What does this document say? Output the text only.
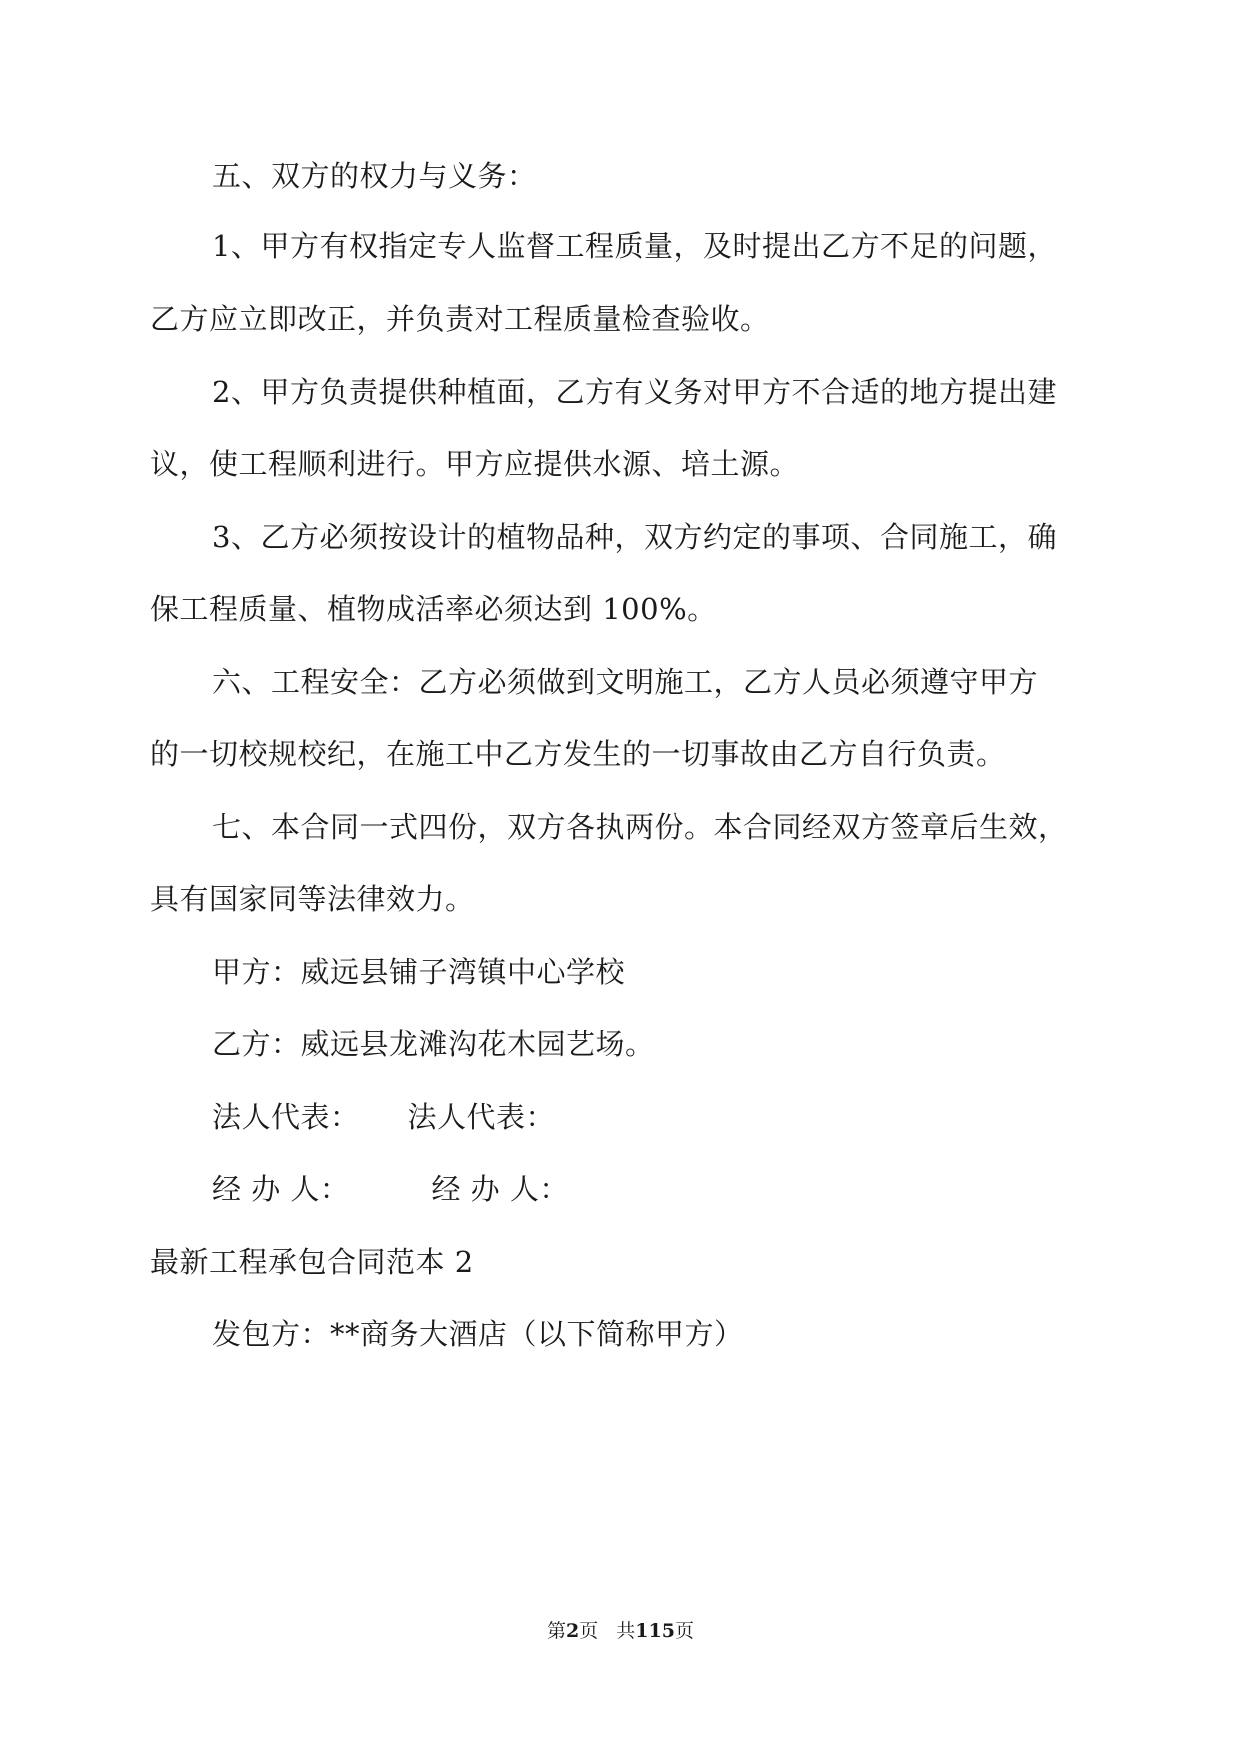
五、双方的权力与义务：
1、甲方有权指定专人监督工程质量，及时提出乙方不足的问题，
乙方应立即改正，并负责对工程质量检查验收。
2、甲方负责提供种植面，乙方有义务对甲方不合适的地方提出建
议，使工程顺利进行。甲方应提供水源、培土源。
3、乙方必须按设计的植物品种，双方约定的事项、合同施工，确
保工程质量、植物成活率必须达到 100%。
六、工程安全：乙方必须做到文明施工，乙方人员必须遵守甲方
的一切校规校纪，在施工中乙方发生的一切事故由乙方自行负责。
七、本合同一式四份，双方各执两份。本合同经双方签章后生效，
具有国家同等法律效力。
甲方：威远县铺子湾镇中心学校
乙方：威远县龙滩沟花木园艺场。
法人代表： 法人代表：
经 办 人：	经 办 人：
最新工程承包合同范本 2
发包方：**商务大酒店（以下简称甲方）
第2页 共115页
